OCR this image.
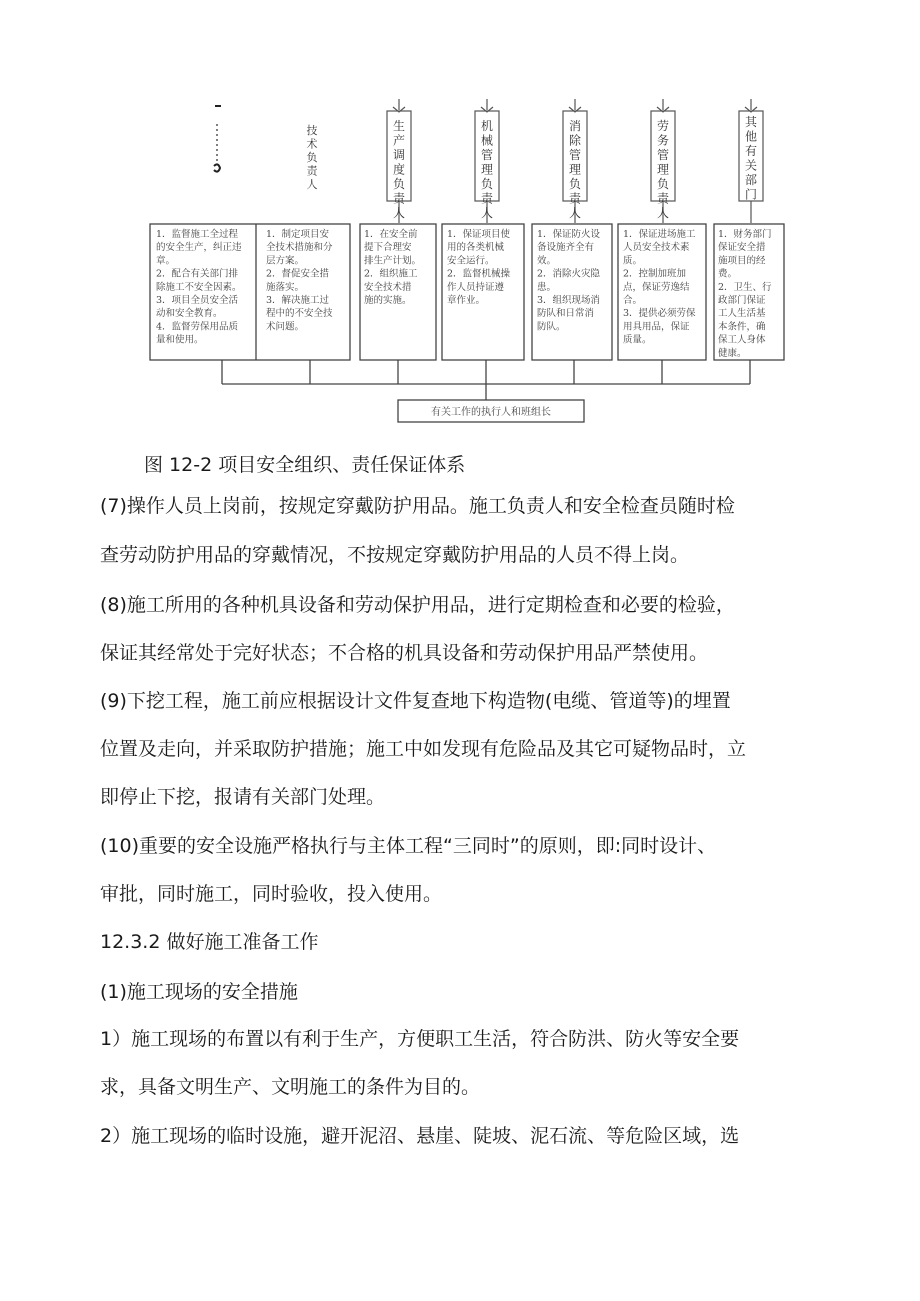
技术负责人
生产调度负责人
机械管理负责人
消除管理负责人
劳务管理负责人
其他有关部门
有关工作的执行人和班组长
1．监督施工全过程的安全生产，纠正违章。 2．配合有关部门排除施工不安全因素。 3．项目全员安全活动和安全教育。 4．监督劳保用品质量和使用。
1．制定项目安全技术措施和分层方案。 2．督促安全措施落实。 3．解决施工过程中的不安全技术问题。
1．在安全前提下合理安排生产计划。 2．组织施工安全技术措施的实施。
1．保证项目使用的各类机械安全运行。 2．监督机械操作人员持证遵章作业。
1．保证防火设备设施齐全有效。 2．消除火灾隐患。 3．组织现场消防队和日常消防队。
1．保证进场施工人员安全技术素质。 2．控制加班加点，保证劳逸结合。 3．提供必须劳保用具用品，保证质量。
1．财务部门保证安全措施项目的经费。 2．卫生、行政部门保证工人生活基本条件，确保工人身体健康。
图 12-2 项目安全组织、责任保证体系
(7)操作人员上岗前，按规定穿戴防护用品。施工负责人和安全检查员随时检
查劳动防护用品的穿戴情况，不按规定穿戴防护用品的人员不得上岗。
(8)施工所用的各种机具设备和劳动保护用品，进行定期检查和必要的检验，
保证其经常处于完好状态；不合格的机具设备和劳动保护用品严禁使用。
(9)下挖工程，施工前应根据设计文件复查地下构造物(电缆、管道等)的埋置
位置及走向，并采取防护措施；施工中如发现有危险品及其它可疑物品时，立
即停止下挖，报请有关部门处理。
(10)重要的安全设施严格执行与主体工程“三同时”的原则，即:同时设计、
审批，同时施工，同时验收，投入使用。
12.3.2 做好施工准备工作
(1)施工现场的安全措施
1）施工现场的布置以有利于生产，方便职工生活，符合防洪、防火等安全要
求，具备文明生产、文明施工的条件为目的。
2）施工现场的临时设施，避开泥沼、悬崖、陡坡、泥石流、等危险区域，选
